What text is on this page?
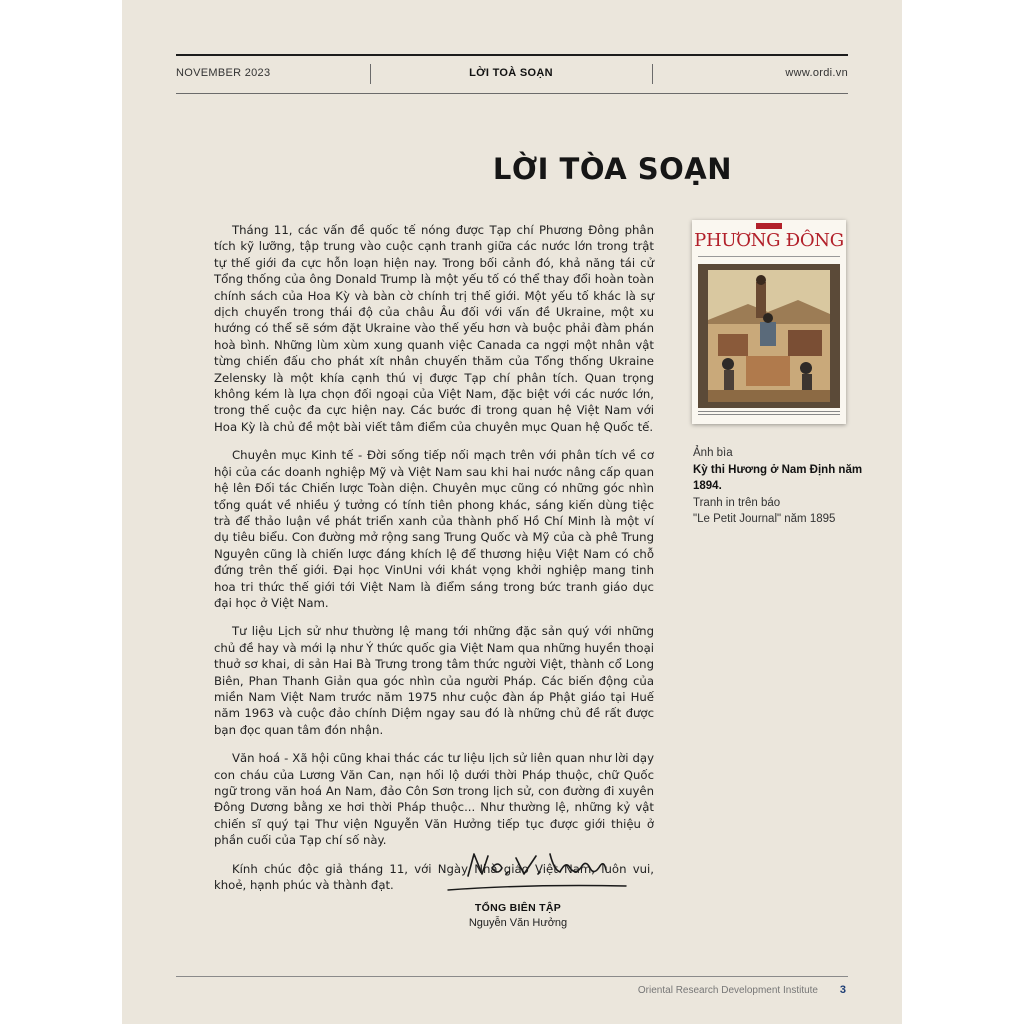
NOVEMBER 2023	LỜI TOÀ SOẠN	www.ordi.vn
LỜI TÒA SOẠN

Tháng 11, các vấn đề quốc tế nóng được Tạp chí Phương Đông phân tích kỹ lưỡng, tập trung vào cuộc cạnh tranh giữa các nước lớn trong trật tự thế giới đa cực hỗn loạn hiện nay. Trong bối cảnh đó, khả năng tái cử Tổng thống của ông Donald Trump là một yếu tố có thể thay đổi hoàn toàn chính sách của Hoa Kỳ và bàn cờ chính trị thế giới. Một yếu tố khác là sự dịch chuyển trong thái độ của châu Âu đối với vấn đề Ukraine, một xu hướng có thể sẽ sớm đặt Ukraine vào thế yếu hơn và buộc phải đàm phán hoà bình. Những lùm xùm xung quanh việc Canada ca ngợi một nhân vật từng chiến đấu cho phát xít nhân chuyến thăm của Tổng thống Ukraine Zelensky là một khía cạnh thú vị được Tạp chí phân tích. Quan trọng không kém là lựa chọn đối ngoại của Việt Nam, đặc biệt với các nước lớn, trong thế cuộc đa cực hiện nay. Các bước đi trong quan hệ Việt Nam với Hoa Kỳ là chủ đề một bài viết tâm điểm của chuyên mục Quan hệ Quốc tế.

Chuyên mục Kinh tế - Đời sống tiếp nối mạch trên với phân tích về cơ hội của các doanh nghiệp Mỹ và Việt Nam sau khi hai nước nâng cấp quan hệ lên Đối tác Chiến lược Toàn diện. Chuyên mục cũng có những góc nhìn tổng quát về nhiều ý tưởng có tính tiên phong khác, sáng kiến dùng tiệc trà để thảo luận về phát triển xanh của thành phố Hồ Chí Minh là một ví dụ tiêu biểu. Con đường mở rộng sang Trung Quốc và Mỹ của cà phê Trung Nguyên cũng là chiến lược đáng khích lệ để thương hiệu Việt Nam có chỗ đứng trên thế giới. Đại học VinUni với khát vọng khởi nghiệp mang tinh hoa tri thức thế giới tới Việt Nam là điểm sáng trong bức tranh giáo dục đại học ở Việt Nam.

Tư liệu Lịch sử như thường lệ mang tới những đặc sản quý với những chủ đề hay và mới lạ như Ý thức quốc gia Việt Nam qua những huyền thoại thuở sơ khai, di sản Hai Bà Trưng trong tâm thức người Việt, thành cổ Long Biên, Phan Thanh Giản qua góc nhìn của người Pháp. Các biến động của miền Nam Việt Nam trước năm 1975 như cuộc đàn áp Phật giáo tại Huế năm 1963 và cuộc đảo chính Diệm ngay sau đó là những chủ đề rất được bạn đọc quan tâm đón nhận.

Văn hoá - Xã hội cũng khai thác các tư liệu lịch sử liên quan như lời dạy con cháu của Lương Văn Can, nạn hối lộ dưới thời Pháp thuộc, chữ Quốc ngữ trong văn hoá An Nam, đảo Côn Sơn trong lịch sử, con đường đi xuyên Đông Dương bằng xe hơi thời Pháp thuộc... Như thường lệ, những kỷ vật chiến sĩ quý tại Thư viện Nguyễn Văn Hưởng tiếp tục được giới thiệu ở phần cuối của Tạp chí số này.

Kính chúc độc giả tháng 11, với Ngày Nhà giáo Việt Nam, luôn vui, khoẻ, hạnh phúc và thành đạt.

PHƯƠNG ĐÔNG
Ảnh bìa
Kỳ thi Hương ở Nam Định năm 1894.
Tranh in trên báo
"Le Petit Journal" năm 1895
TỔNG BIÊN TẬP
Nguyễn Văn Hưởng
Oriental Research Development Institute 3
